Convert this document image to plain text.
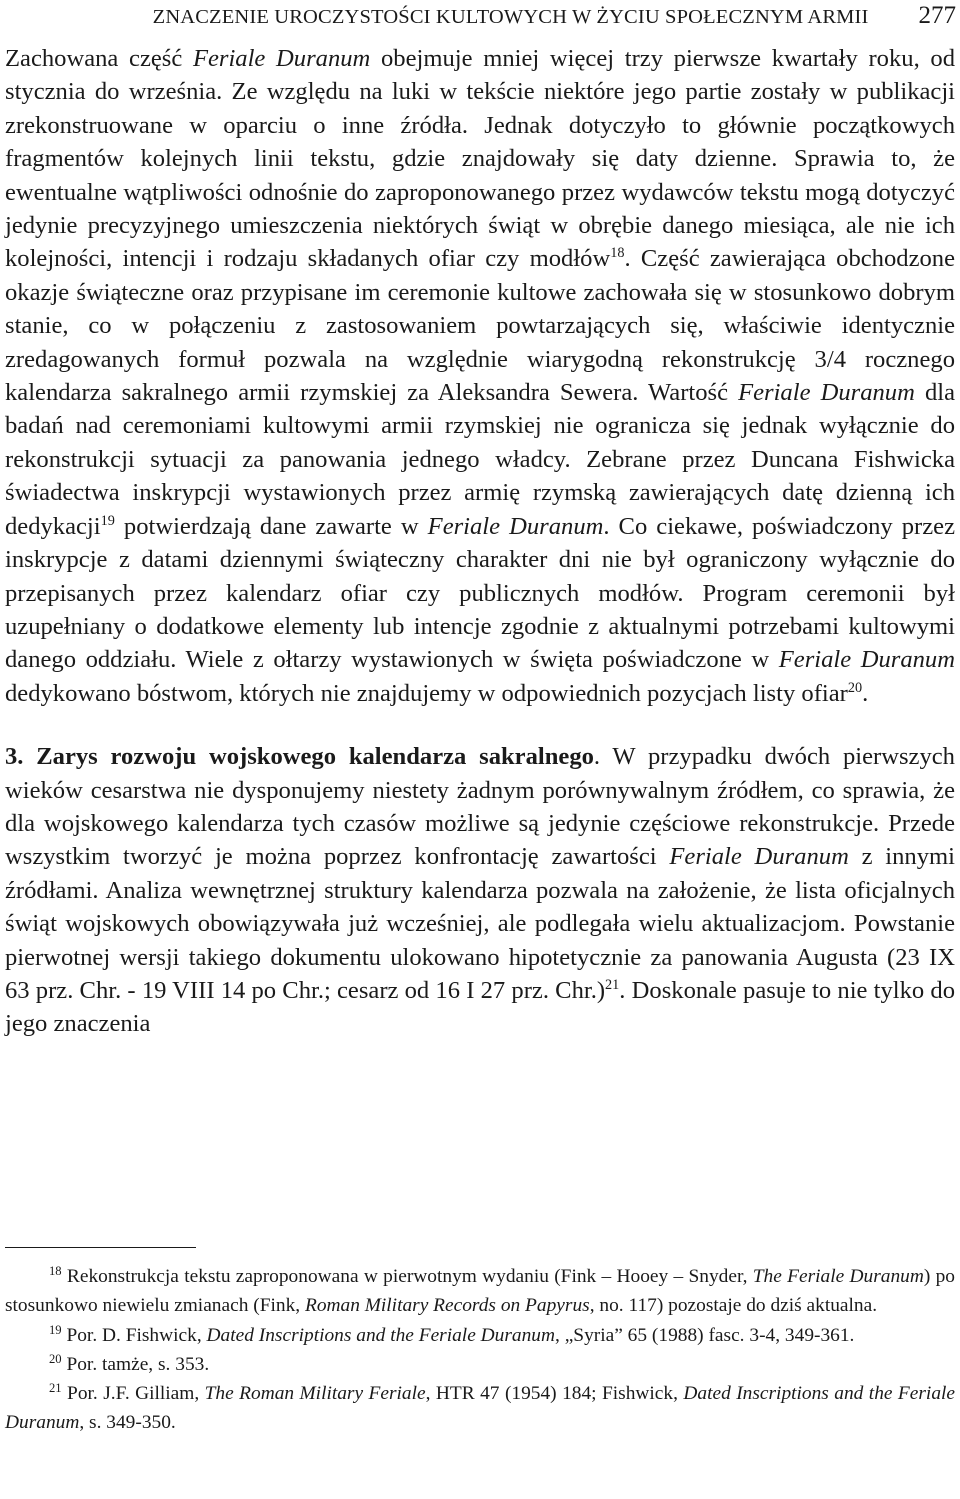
ZNACZENIE UROCZYSTOŚCI KULTOWYCH W ŻYCIU SPOŁECZNYM ARMII 277

Zachowana część Feriale Duranum obejmuje mniej więcej trzy pierwsze kwartały roku, od stycznia do września. Ze względu na luki w tekście niektóre jego partie zostały w publikacji zrekonstruowane w oparciu o inne źródła. Jednak dotyczyło to głównie początkowych fragmentów kolejnych linii tekstu, gdzie znajdowały się daty dzienne. Sprawia to, że ewentualne wątpliwości odnośnie do zaproponowanego przez wydawców tekstu mogą dotyczyć jedynie precyzyjnego umieszczenia niektórych świąt w obrębie danego miesiąca, ale nie ich kolejności, intencji i rodzaju składanych ofiar czy modłów$^{18}$. Część zawierająca obchodzone okazje świąteczne oraz przypisane im ceremonie kultowe zachowała się w stosunkowo dobrym stanie, co w połączeniu z zastosowaniem powtarzających się, właściwie identycznie zredagowanych formuł pozwala na względnie wiarygodną rekonstrukcję 3/4 rocznego kalendarza sakralnego armii rzymskiej za Aleksandra Sewera. Wartość Feriale Duranum dla badań nad ceremoniami kultowymi armii rzymskiej nie ogranicza się jednak wyłącznie do rekonstrukcji sytuacji za panowania jednego władcy. Zebrane przez Duncana Fishwicka świadectwa inskrypcji wystawionych przez armię rzymską zawierających datę dzienną ich dedykacji$^{19}$ potwierdzają dane zawarte w Feriale Duranum. Co ciekawe, poświadczony przez inskrypcje z datami dziennymi świąteczny charakter dni nie był ograniczony wyłącznie do przepisanych przez kalendarz ofiar czy publicznych modłów. Program ceremonii był uzupełniany o dodatkowe elementy lub intencje zgodnie z aktualnymi potrzebami kultowymi danego oddziału. Wiele z ołtarzy wystawionych w święta poświadczone w Feriale Duranum dedykowano bóstwom, których nie znajdujemy w odpowiednich pozycjach listy ofiar$^{20}$.

3. Zarys rozwoju wojskowego kalendarza sakralnego. W przypadku dwóch pierwszych wieków cesarstwa nie dysponujemy niestety żadnym porównywalnym źródłem, co sprawia, że dla wojskowego kalendarza tych czasów możliwe są jedynie częściowe rekonstrukcje. Przede wszystkim tworzyć je można poprzez konfrontację zawartości Feriale Duranum z innymi źródłami. Analiza wewnętrznej struktury kalendarza pozwala na założenie, że lista oficjalnych świąt wojskowych obowiązywała już wcześniej, ale podlegała wielu aktualizacjom. Powstanie pierwotnej wersji takiego dokumentu ulokowano hipotetycznie za panowania Augusta (23 IX 63 prz. Chr. - 19 VIII 14 po Chr.; cesarz od 16 I 27 prz. Chr.)$^{21}$. Doskonale pasuje to nie tylko do jego znaczenia

$^{18}$ Rekonstrukcja tekstu zaproponowana w pierwotnym wydaniu (Fink – Hooey – Snyder, The Feriale Duranum) po stosunkowo niewielu zmianach (Fink, Roman Military Records on Papyrus, no. 117) pozostaje do dziś aktualna.

$^{19}$ Por. D. Fishwick, Dated Inscriptions and the Feriale Duranum, „Syria” 65 (1988) fasc. 3-4, 349-361.

$^{20}$ Por. tamże, s. 353.

$^{21}$ Por. J.F. Gilliam, The Roman Military Feriale, HTR 47 (1954) 184; Fishwick, Dated Inscriptions and the Feriale Duranum, s. 349-350.
